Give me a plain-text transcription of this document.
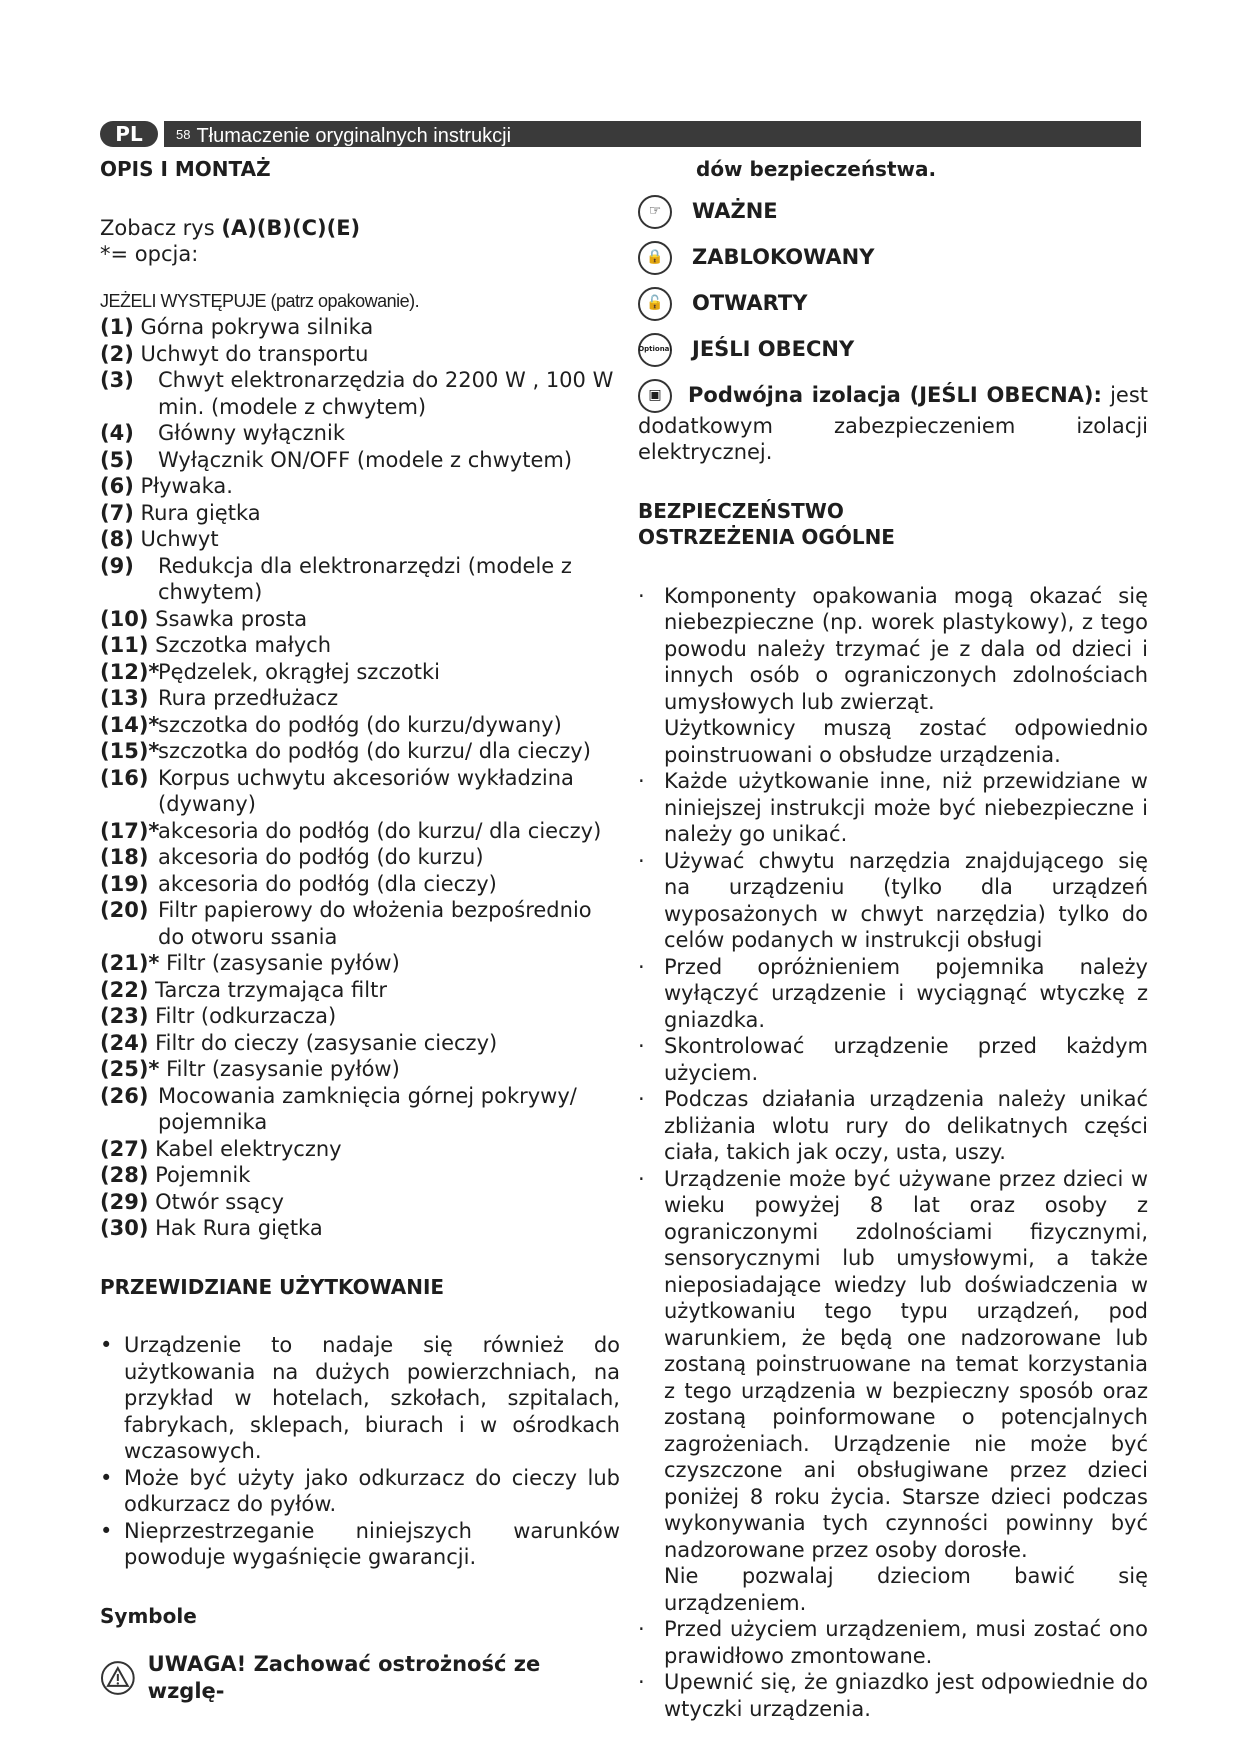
PL	$^{58}$ Tłumaczenie oryginalnych instrukcji
OPIS I MONTAŻ
Zobacz rys (A)(B)(C)(E)
*= opcja:
JEŻELI WYSTĘPUJE (patrz opakowanie).
(1) Górna pokrywa silnika
(2) Uchwyt do transportu
(3) Chwyt elektronarzędzia do 2200 W , 100 W min. (modele z chwytem)
(4) Główny wyłącznik
(5) Wyłącznik ON/OFF (modele z chwytem)
(6) Pływaka.
(7) Rura giętka
(8) Uchwyt
(9) Redukcja dla elektronarzędzi (modele z chwytem)
(10) Ssawka prosta
(11) Szczotka małych
(12)*
Pędzelek, okrągłej szczotki
(13) Rura przedłużacz
(14)*
szczotka do podłóg (do kurzu/dywany)
(15)*
szczotka do podłóg (do kurzu/ dla cieczy)
(16) Korpus uchwytu akcesoriów wykładzina (dywany)
(17)*
akcesoria do podłóg (do kurzu/ dla cieczy)
(18) akcesoria do podłóg (do kurzu)
(19) akcesoria do podłóg (dla cieczy)
(20) Filtr papierowy do włożenia bezpośrednio do otworu ssania
(21)* Filtr (zasysanie pyłów)
(22) Tarcza trzymająca filtr
(23) Filtr (odkurzacza)
(24) Filtr do cieczy (zasysanie cieczy)
(25)* Filtr (zasysanie pyłów)
(26) Mocowania zamknięcia górnej pokrywy/ pojemnika
(27) Kabel elektryczny
(28) Pojemnik
(29) Otwór ssący
(30) Hak Rura giętka
PRZEWIDZIANE UŻYTKOWANIE
• Urządzenie to nadaje się również do użytkowania na dużych powierzchniach, na przykład w hotelach, szkołach, szpitalach, fabrykach, sklepach, biurach i w ośrodkach wczasowych.
• Może być użyty jako odkurzacz do cieczy lub odkurzacz do pyłów.
• Nieprzestrzeganie niniejszych warunków powoduje wygaśnięcie gwarancji.
Symbole
UWAGA! Zachować ostrożność ze wzglę-
dów bezpieczeństwa.
☞	WAŻNE
🔒	ZABLOKOWANY
🔓	OTWARTY
Optional JEŚLI OBECNY
▣ Podwójna izolacja (JEŚLI OBECNA): jest dodatkowym zabezpieczeniem izolacji elektrycznej.
BEZPIECZEŃSTWO
OSTRZEŻENIA OGÓLNE
· Komponenty opakowania mogą okazać się niebezpieczne (np. worek plastykowy), z tego powodu należy trzymać je z dala od dzieci i innych osób o ograniczonych zdolnościach umysłowych lub zwierząt.
Użytkownicy muszą zostać odpowiednio poinstruowani o obsłudze urządzenia.
· Każde użytkowanie inne, niż przewidziane w niniejszej instrukcji może być niebezpieczne i należy go unikać.
· Używać chwytu narzędzia znajdującego się na urządzeniu (tylko dla urządzeń wyposażonych w chwyt narzędzia) tylko do celów podanych w instrukcji obsługi
· Przed opróżnieniem pojemnika należy wyłączyć urządzenie i wyciągnąć wtyczkę z gniazdka.
· Skontrolować urządzenie przed każdym użyciem.
· Podczas działania urządzenia należy unikać zbliżania wlotu rury do delikatnych części ciała, takich jak oczy, usta, uszy.
· Urządzenie może być używane przez dzieci w wieku powyżej 8 lat oraz osoby z ograniczonymi zdolnościami fizycznymi, sensorycznymi lub umysłowymi, a także nieposiadające wiedzy lub doświadczenia w użytkowaniu tego typu urządzeń, pod warunkiem, że będą one nadzorowane lub zostaną poinstruowane na temat korzystania z tego urządzenia w bezpieczny sposób oraz zostaną poinformowane o potencjalnych zagrożeniach. Urządzenie nie może być czyszczone ani obsługiwane przez dzieci poniżej 8 roku życia. Starsze dzieci podczas wykonywania tych czynności powinny być nadzorowane przez osoby dorosłe.
Nie pozwalaj dzieciom bawić się urządzeniem.
· Przed użyciem urządzeniem, musi zostać ono prawidłowo zmontowane.
· Upewnić się, że gniazdko jest odpowiednie do wtyczki urządzenia.
